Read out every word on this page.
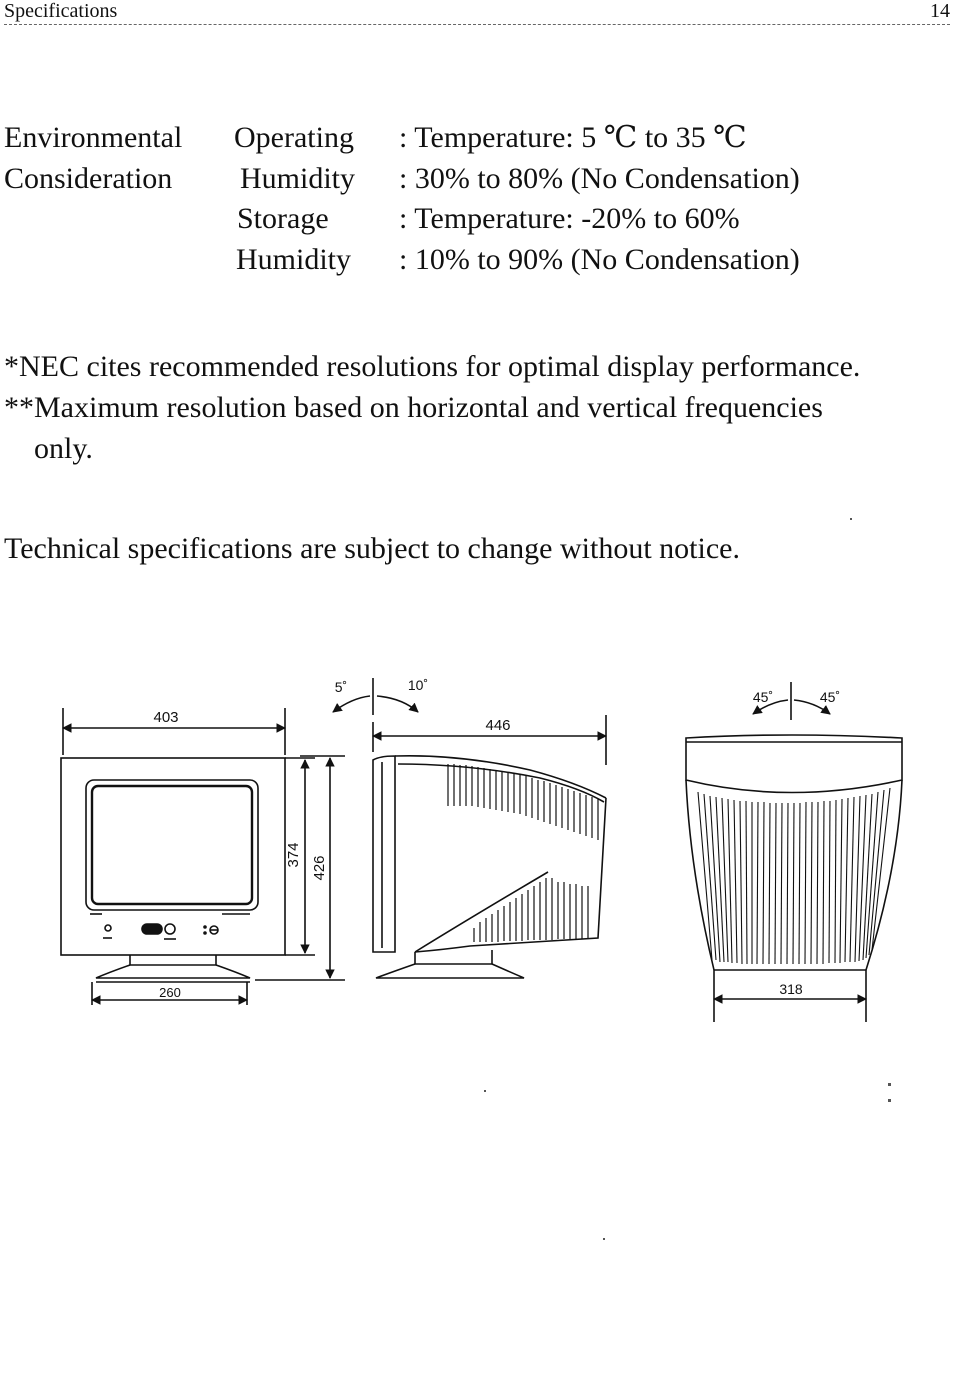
Specifications	14
Environmental Operating : Temperature: 5 ℃ to 35 ℃
Consideration Humidity : 30% to 80% (No Condensation)
Storage : Temperature: -20% to 60%
Humidity : 10% to 90% (No Condensation)
*NEC cites recommended resolutions for optimal display performance.
**Maximum resolution based on horizontal and vertical frequencies
only.
Technical specifications are subject to change without notice.
403
260
374
426
5˚	10˚
446
45˚	45˚
318
